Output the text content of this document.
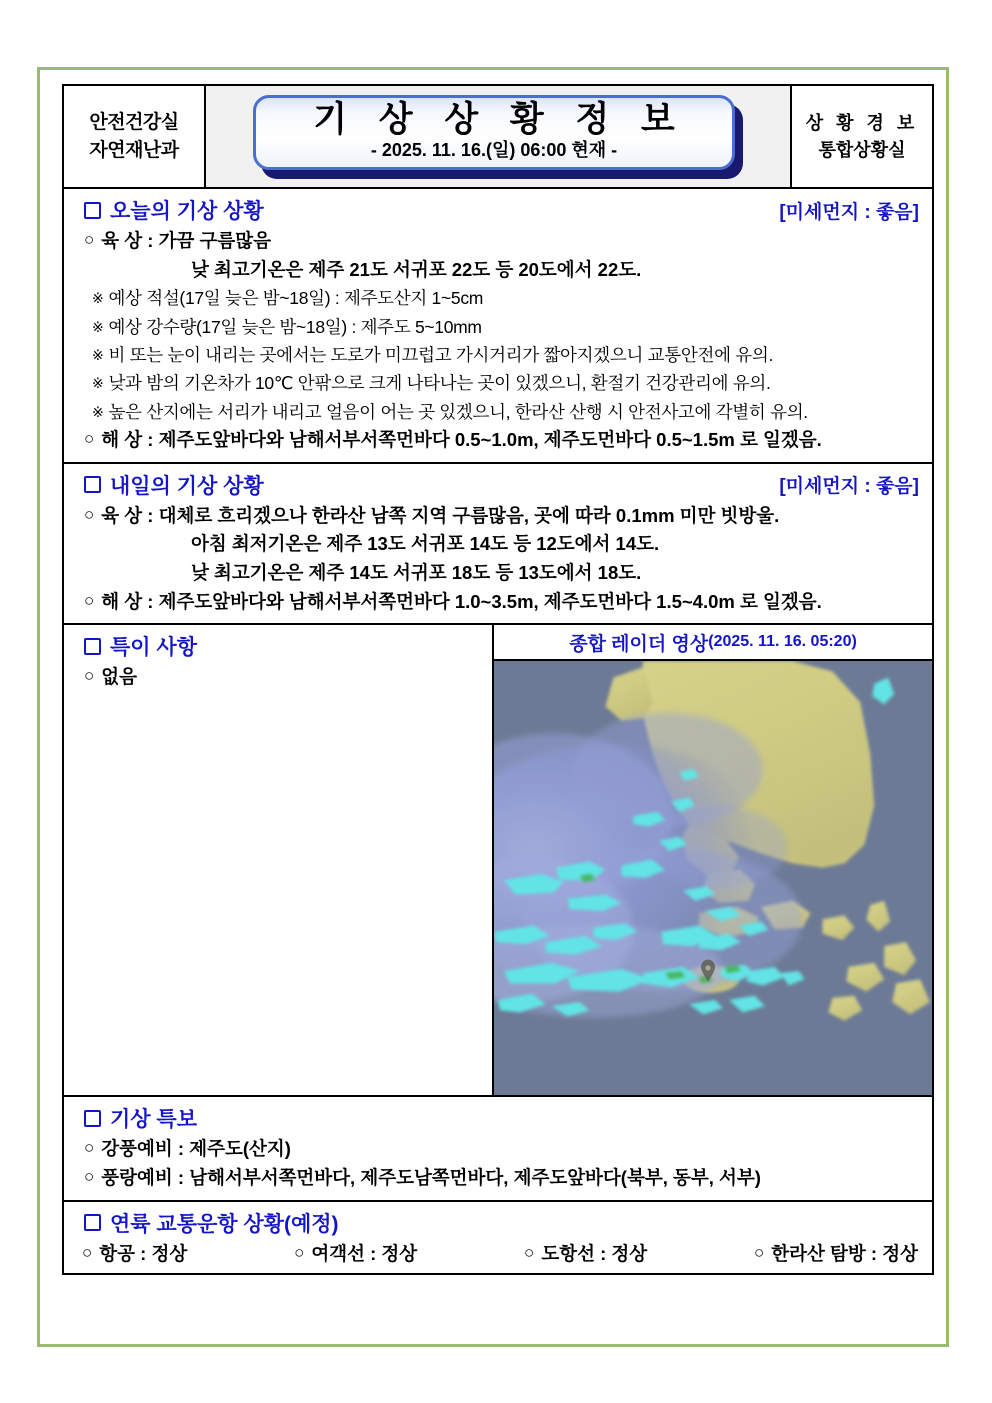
안전건강실
자연재난과
기 상 상 황 정 보
- 2025. 11. 16.(일) 06:00 현재 -
상 황 경 보
통합상황실
오늘의 기상 상황	[미세먼지 : 좋음]
○ 육 상 : 가끔 구름많음
낮 최고기온은 제주 21도 서귀포 22도 등 20도에서 22도.
※ 예상 적설(17일 늦은 밤~18일) : 제주도산지 1~5cm
※ 예상 강수량(17일 늦은 밤~18일) : 제주도 5~10mm
※ 비 또는 눈이 내리는 곳에서는 도로가 미끄럽고 가시거리가 짧아지겠으니 교통안전에 유의.
※ 낮과 밤의 기온차가 10℃ 안팎으로 크게 나타나는 곳이 있겠으니, 환절기 건강관리에 유의.
※ 높은 산지에는 서리가 내리고 얼음이 어는 곳 있겠으니, 한라산 산행 시 안전사고에 각별히 유의.
○ 해 상 : 제주도앞바다와 남해서부서쪽먼바다 0.5~1.0m, 제주도먼바다 0.5~1.5m 로 일겠음.
내일의 기상 상황	[미세먼지 : 좋음]
○ 육 상 : 대체로 흐리겠으나 한라산 남쪽 지역 구름많음, 곳에 따라 0.1mm 미만 빗방울.
아침 최저기온은 제주 13도 서귀포 14도 등 12도에서 14도.
낮 최고기온은 제주 14도 서귀포 18도 등 13도에서 18도.
○ 해 상 : 제주도앞바다와 남해서부서쪽먼바다 1.0~3.5m, 제주도먼바다 1.5~4.0m 로 일겠음.
특이 사항
○ 없음
종합 레이더 영상 (2025. 11. 16. 05:20)
기상 특보
○ 강풍예비 : 제주도(산지)
○ 풍랑예비 : 남해서부서쪽먼바다, 제주도남쪽먼바다, 제주도앞바다(북부, 동부, 서부)
연륙 교통운항 상황(예정)
○ 항공 : 정상	○ 여객선 : 정상	○ 도항선 : 정상	○ 한라산 탐방 : 정상
